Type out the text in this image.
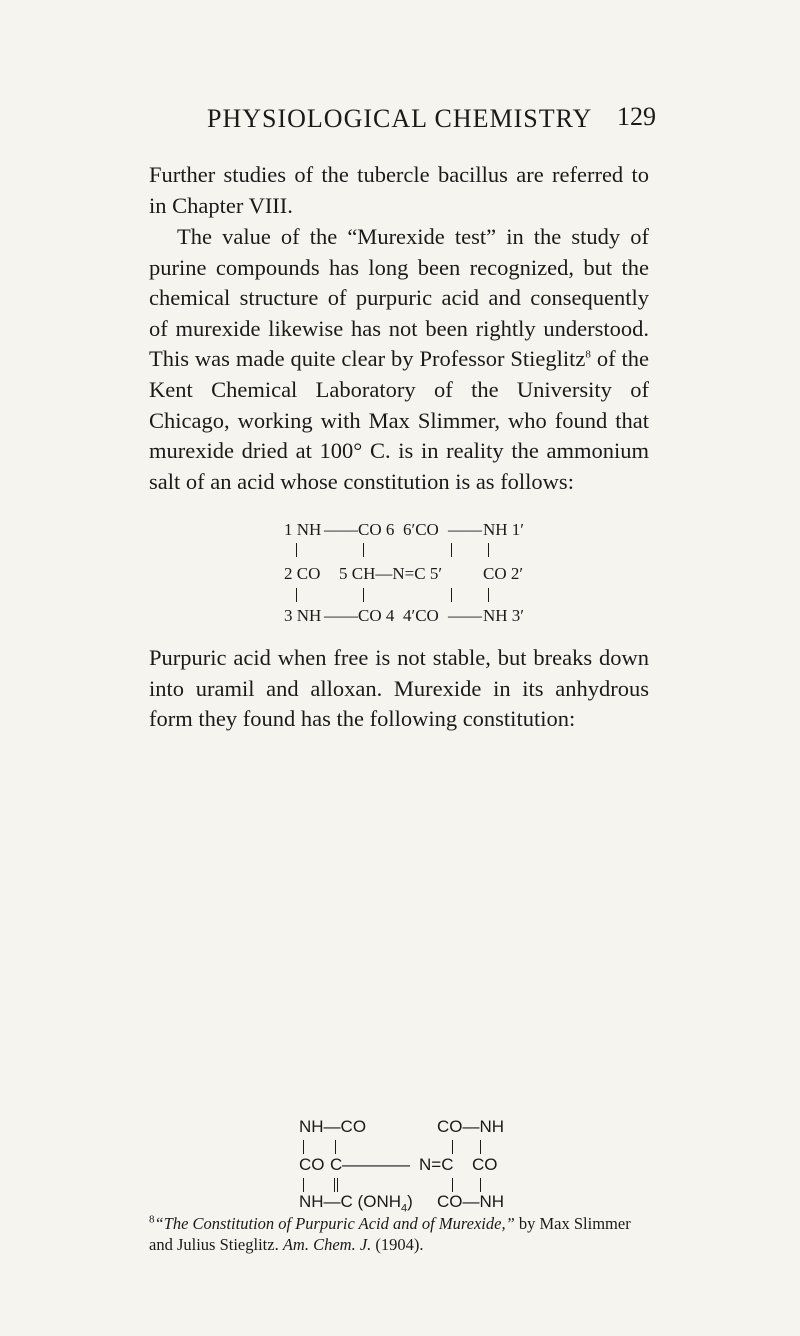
PHYSIOLOGICAL CHEMISTRY 129

Further studies of the tubercle bacillus are referred to in Chapter VIII.

The value of the “Murexide test” in the study of purine compounds has long been recognized, but the chemical structure of purpuric acid and consequently of murexide likewise has not been rightly understood. This was made quite clear by Professor Stieglitz$^8$ of the Kent Chemical Laboratory of the University of Chicago, working with Max Slimmer, who found that murexide dried at 100° C. is in reality the ammonium salt of an acid whose constitution is as follows:

1 NH —— CO 6 6′CO —— NH 1′
2 CO 5 CH—N=C 5′ CO 2′
3 NH —— CO 4 4′CO —— NH 3′

Purpuric acid when free is not stable, but breaks down into uramil and alloxan. Murexide in its anhydrous form they found has the following constitution:

NH—CO	CO—NH
CO C ———— N=C CO
NH—C $(ONH_4)$ CO—NH

$^8$“The Constitution of Purpuric Acid and of Murexide,” by Max Slimmer and Julius Stieglitz. Am. Chem. J. (1904).
